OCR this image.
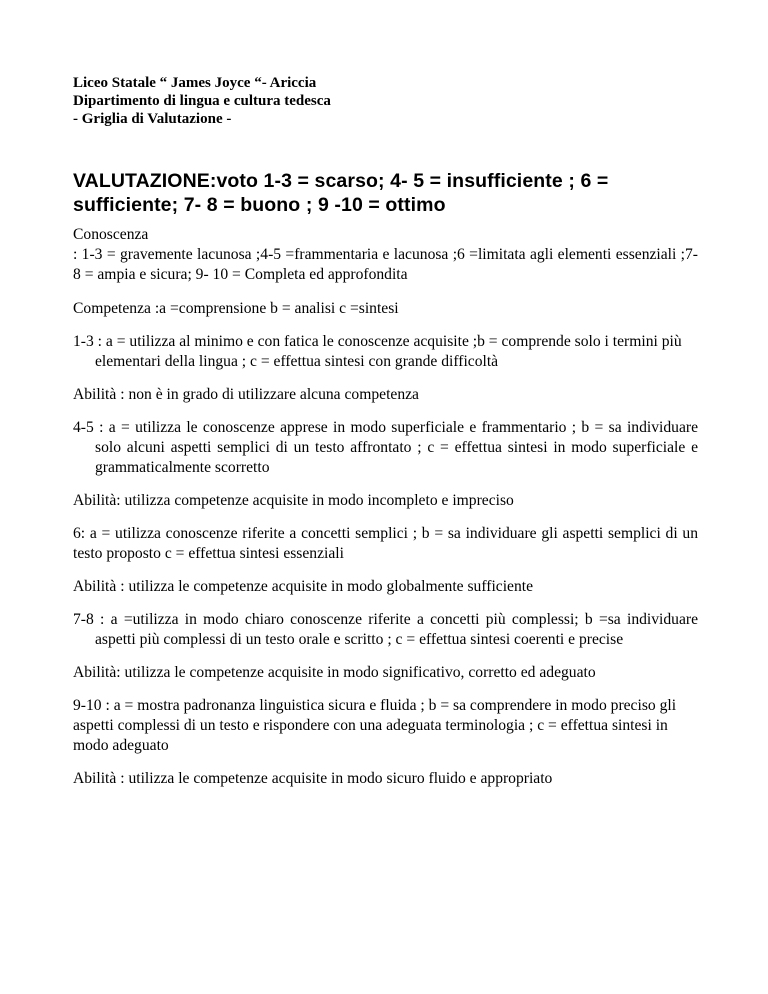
Liceo Statale “ James Joyce “- Ariccia

Dipartimento di lingua e cultura tedesca

- Griglia di Valutazione -

VALUTAZIONE:voto 1-3 = scarso; 4- 5 = insufficiente ; 6 = sufficiente; 7- 8 = buono ; 9 -10 = ottimo

Conoscenza

: 1-3 = gravemente lacunosa ;4-5 =frammentaria e lacunosa ;6 =limitata agli elementi essenziali ;7-8 = ampia e sicura; 9- 10 = Completa ed approfondita

Competenza :a =comprensione b = analisi c =sintesi

1-3 : a = utilizza al minimo e con fatica le conoscenze acquisite ;b = comprende solo i termini più elementari della lingua ; c = effettua sintesi con grande difficoltà

Abilità : non è in grado di utilizzare alcuna competenza

4-5 : a = utilizza le conoscenze apprese in modo superficiale e frammentario ; b = sa individuare solo alcuni aspetti semplici di un testo affrontato ; c = effettua sintesi in modo superficiale e grammaticalmente scorretto

Abilità: utilizza competenze acquisite in modo incompleto e impreciso

6: a = utilizza conoscenze riferite a concetti semplici ; b = sa individuare gli aspetti semplici di un testo proposto c = effettua sintesi essenziali

Abilità : utilizza le competenze acquisite in modo globalmente sufficiente

7-8 : a =utilizza in modo chiaro conoscenze riferite a concetti più complessi; b =sa individuare aspetti più complessi di un testo orale e scritto ; c = effettua sintesi coerenti e precise

Abilità: utilizza le competenze acquisite in modo significativo, corretto ed adeguato

9-10 : a = mostra padronanza linguistica sicura e fluida ; b = sa comprendere in modo preciso gli aspetti complessi di un testo e rispondere con una adeguata terminologia ; c = effettua sintesi in modo adeguato

Abilità : utilizza le competenze acquisite in modo sicuro fluido e appropriato
